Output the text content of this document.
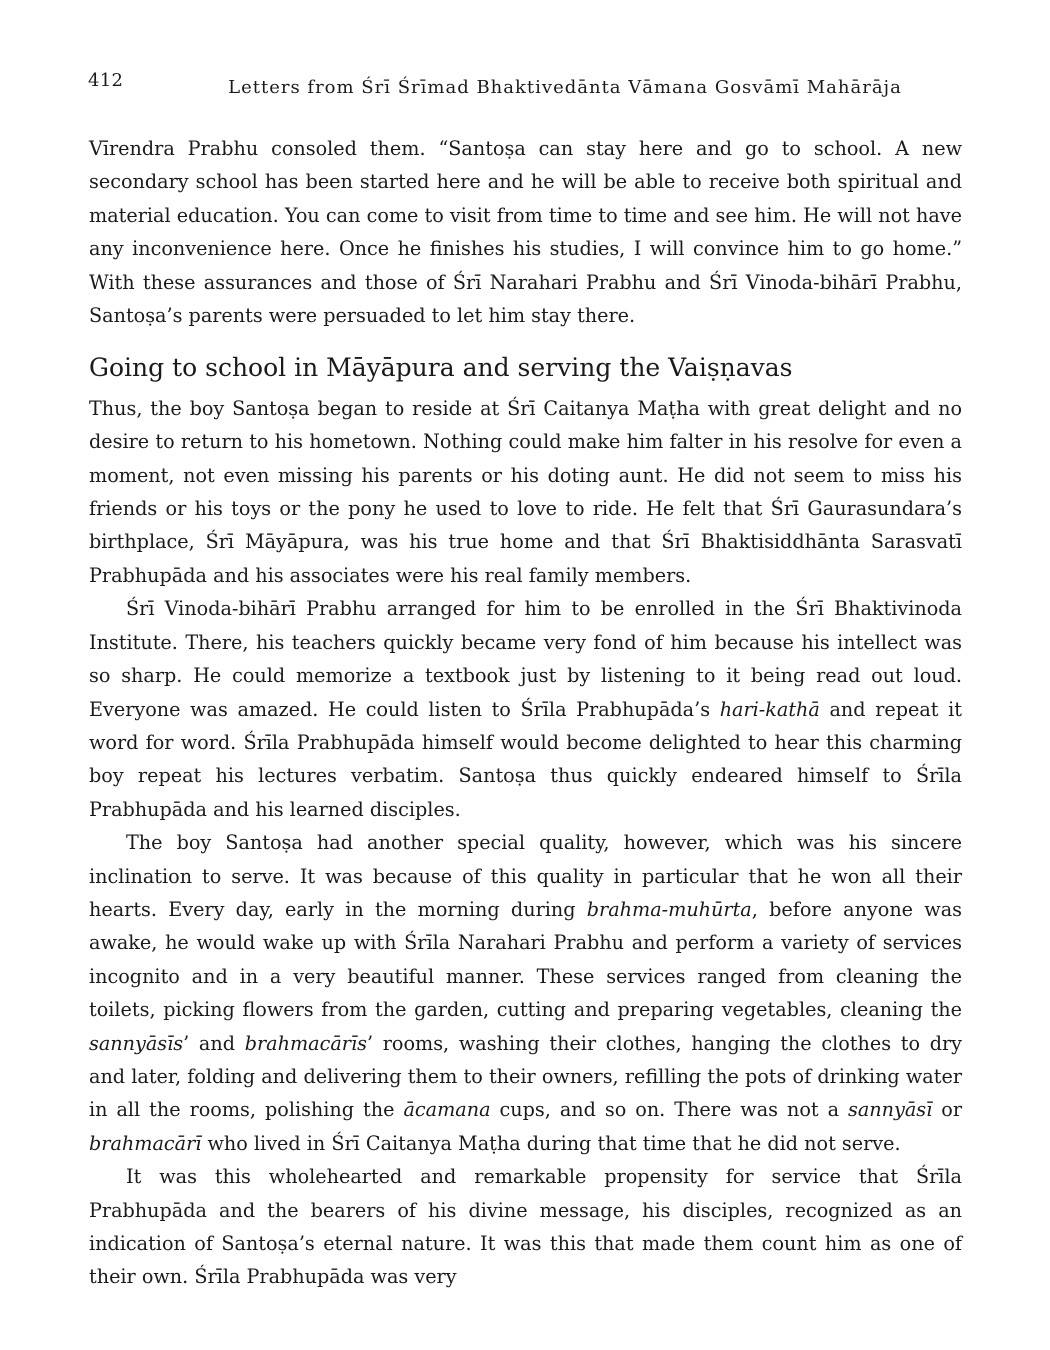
412	Letters from Śrī Śrīmad Bhaktivedānta Vāmana Gosvāmī Mahārāja

Vīrendra Prabhu consoled them. “Santoṣa can stay here and go to school. A new secondary school has been started here and he will be able to receive both spiritual and material education. You can come to visit from time to time and see him. He will not have any inconvenience here. Once he finishes his studies, I will convince him to go home.” With these assurances and those of Śrī Narahari Prabhu and Śrī Vinoda-bihārī Prabhu, Santoṣa’s parents were persuaded to let him stay there.

Going to school in Māyāpura and serving the Vaiṣṇavas

Thus, the boy Santoṣa began to reside at Śrī Caitanya Maṭha with great delight and no desire to return to his hometown. Nothing could make him falter in his resolve for even a moment, not even missing his parents or his doting aunt. He did not seem to miss his friends or his toys or the pony he used to love to ride. He felt that Śrī Gaurasundara’s birthplace, Śrī Māyāpura, was his true home and that Śrī Bhaktisiddhānta Sarasvatī Prabhupāda and his associates were his real family members.

Śrī Vinoda-bihārī Prabhu arranged for him to be enrolled in the Śrī Bhaktivinoda Institute. There, his teachers quickly became very fond of him because his intellect was so sharp. He could memorize a textbook just by listening to it being read out loud. Everyone was amazed. He could listen to Śrīla Prabhupāda’s hari-kathā and repeat it word for word. Śrīla Prabhupāda himself would become delighted to hear this charming boy repeat his lectures verbatim. Santoṣa thus quickly endeared himself to Śrīla Prabhupāda and his learned disciples.

The boy Santoṣa had another special quality, however, which was his sincere inclination to serve. It was because of this quality in particular that he won all their hearts. Every day, early in the morning during brahma-muhūrta, before anyone was awake, he would wake up with Śrīla Narahari Prabhu and perform a variety of services incognito and in a very beautiful manner. These services ranged from cleaning the toilets, picking flowers from the garden, cutting and preparing vegetables, cleaning the sannyāsīs’ and brahmacārīs’ rooms, washing their clothes, hanging the clothes to dry and later, folding and delivering them to their owners, refilling the pots of drinking water in all the rooms, polishing the ācamana cups, and so on. There was not a sannyāsī or brahmacārī who lived in Śrī Caitanya Maṭha during that time that he did not serve.

It was this wholehearted and remarkable propensity for service that Śrīla Prabhupāda and the bearers of his divine message, his disciples, recognized as an indication of Santoṣa’s eternal nature. It was this that made them count him as one of their own. Śrīla Prabhupāda was very
